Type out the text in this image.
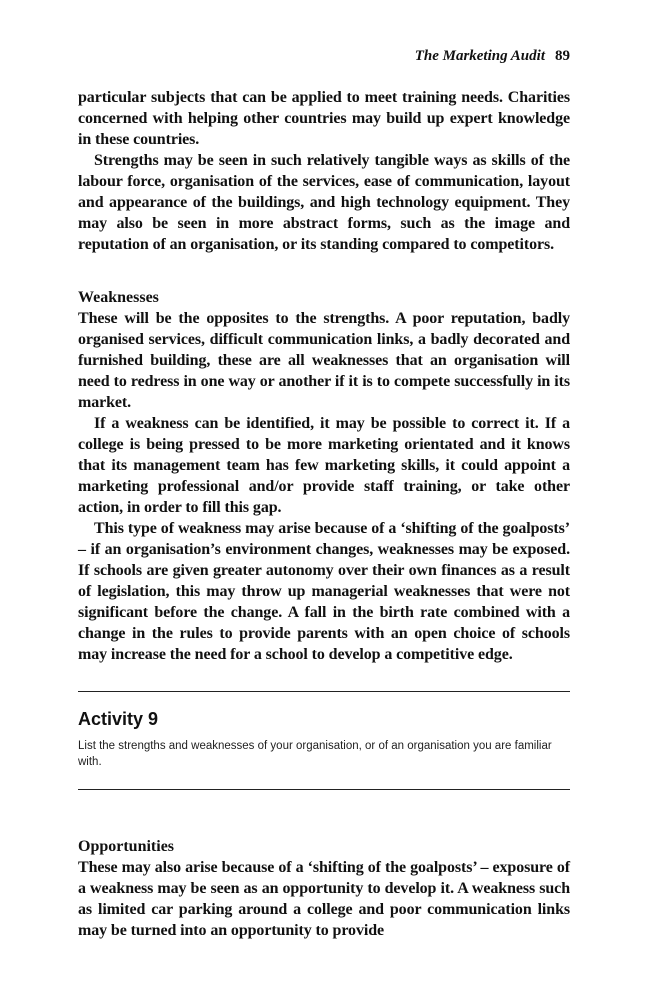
The Marketing Audit 89

particular subjects that can be applied to meet training needs. Charities concerned with helping other countries may build up expert knowledge in these countries.

Strengths may be seen in such relatively tangible ways as skills of the labour force, organisation of the services, ease of communication, layout and appearance of the buildings, and high technology equipment. They may also be seen in more abstract forms, such as the image and reputation of an organisation, or its standing compared to competitors.

Weaknesses

These will be the opposites to the strengths. A poor reputation, badly organised services, difficult communication links, a badly decorated and furnished building, these are all weaknesses that an organisation will need to redress in one way or another if it is to compete successfully in its market.

If a weakness can be identified, it may be possible to correct it. If a college is being pressed to be more marketing orientated and it knows that its management team has few marketing skills, it could appoint a marketing professional and/or provide staff training, or take other action, in order to fill this gap.

This type of weakness may arise because of a ‘shifting of the goalposts’ – if an organisation’s environment changes, weaknesses may be exposed. If schools are given greater autonomy over their own finances as a result of legislation, this may throw up managerial weaknesses that were not significant before the change. A fall in the birth rate combined with a change in the rules to provide parents with an open choice of schools may increase the need for a school to develop a competitive edge.

Activity 9

List the strengths and weaknesses of your organisation, or of an organisation you are familiar with.

Opportunities

These may also arise because of a ‘shifting of the goalposts’ – exposure of a weakness may be seen as an opportunity to develop it. A weakness such as limited car parking around a college and poor communication links may be turned into an opportunity to provide
